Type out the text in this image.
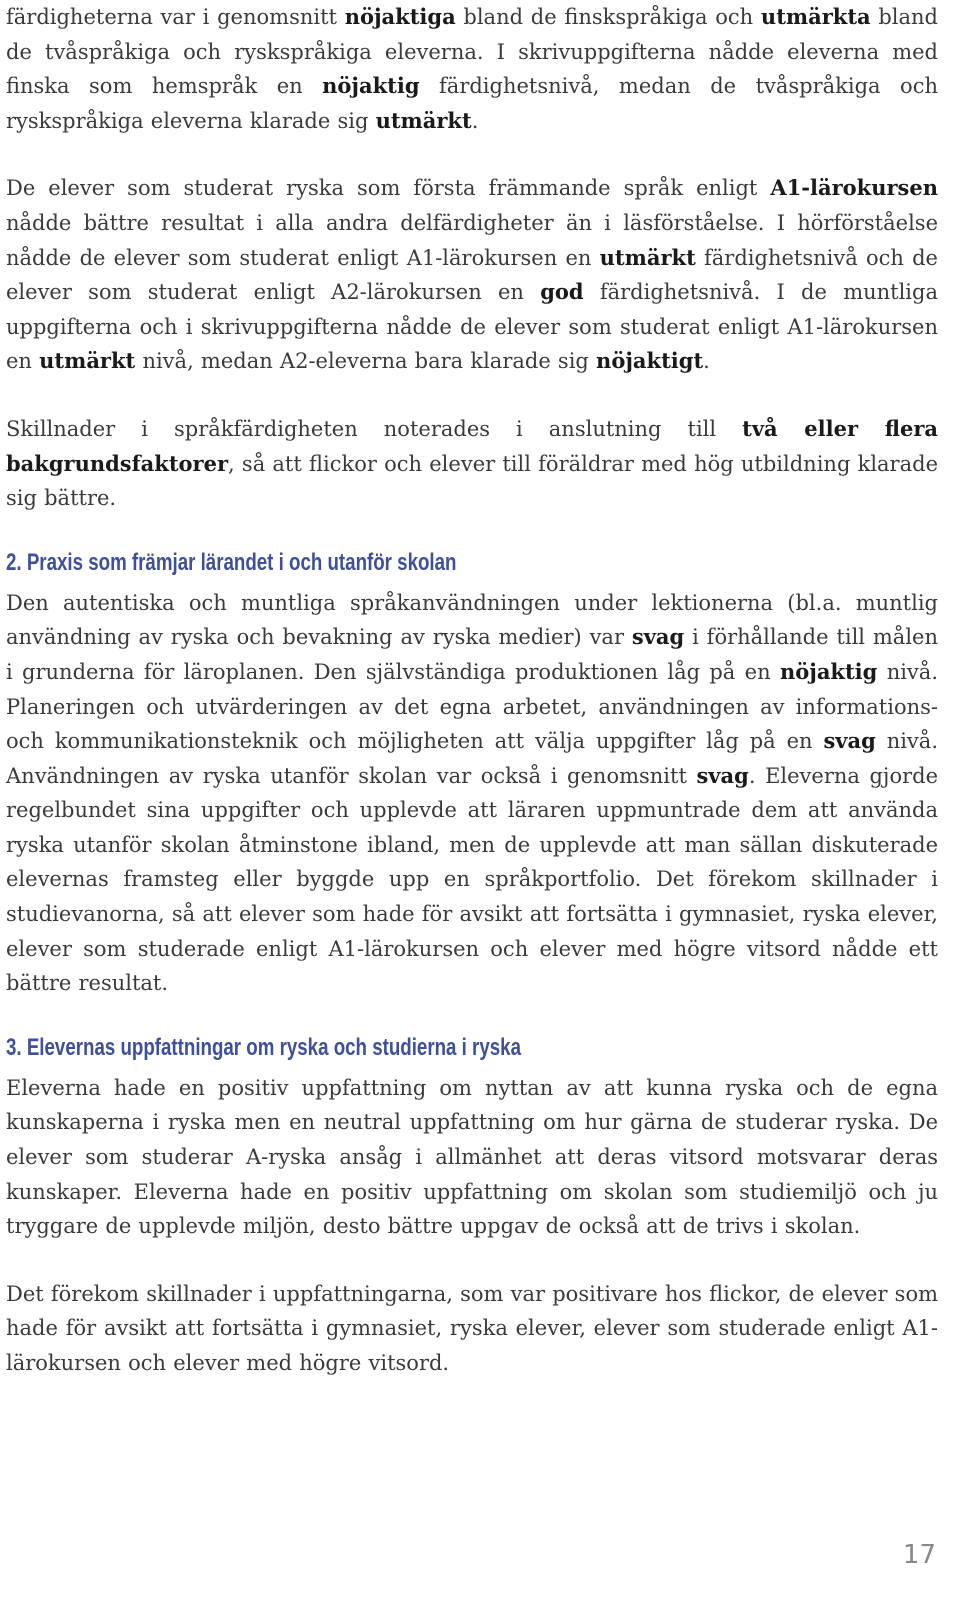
färdigheterna var i genomsnitt nöjaktiga bland de finskspråkiga och utmärkta bland de tvåspråkiga och ryskspråkiga eleverna. I skrivuppgifterna nådde eleverna med finska som hemspråk en nöjaktig färdighetsnivå, medan de tvåspråkiga och ryskspråkiga eleverna klarade sig utmärkt.

De elever som studerat ryska som första främmande språk enligt A1-lärokursen nådde bättre resultat i alla andra delfärdigheter än i läsförståelse. I hörförståelse nådde de elever som studerat enligt A1-lärokursen en utmärkt färdighetsnivå och de elever som studerat enligt A2-lärokursen en god färdighetsnivå. I de muntliga uppgifterna och i skrivuppgifterna nådde de elever som studerat enligt A1-lärokursen en utmärkt nivå, medan A2-eleverna bara klarade sig nöjaktigt.

Skillnader i språkfärdigheten noterades i anslutning till två eller flera bakgrundsfaktorer, så att flickor och elever till föräldrar med hög utbildning klarade sig bättre.

2. Praxis som främjar lärandet i och utanför skolan

Den autentiska och muntliga språkanvändningen under lektionerna (bl.a. muntlig användning av ryska och bevakning av ryska medier) var svag i förhållande till målen i grunderna för läroplanen. Den självständiga produktionen låg på en nöjaktig nivå. Planeringen och utvärderingen av det egna arbetet, användningen av informations- och kommunikationsteknik och möjligheten att välja uppgifter låg på en svag nivå. Användningen av ryska utanför skolan var också i genomsnitt svag. Eleverna gjorde regelbundet sina uppgifter och upplevde att läraren uppmuntrade dem att använda ryska utanför skolan åtminstone ibland, men de upplevde att man sällan diskuterade elevernas framsteg eller byggde upp en språkportfolio. Det förekom skillnader i studievanorna, så att elever som hade för avsikt att fortsätta i gymnasiet, ryska elever, elever som studerade enligt A1-lärokursen och elever med högre vitsord nådde ett bättre resultat.

3. Elevernas uppfattningar om ryska och studierna i ryska

Eleverna hade en positiv uppfattning om nyttan av att kunna ryska och de egna kunskaperna i ryska men en neutral uppfattning om hur gärna de studerar ryska. De elever som studerar A-ryska ansåg i allmänhet att deras vitsord motsvarar deras kunskaper. Eleverna hade en positiv uppfattning om skolan som studiemiljö och ju tryggare de upplevde miljön, desto bättre uppgav de också att de trivs i skolan.

Det förekom skillnader i uppfattningarna, som var positivare hos flickor, de elever som hade för avsikt att fortsätta i gymnasiet, ryska elever, elever som studerade enligt A1-lärokursen och elever med högre vitsord.

17
